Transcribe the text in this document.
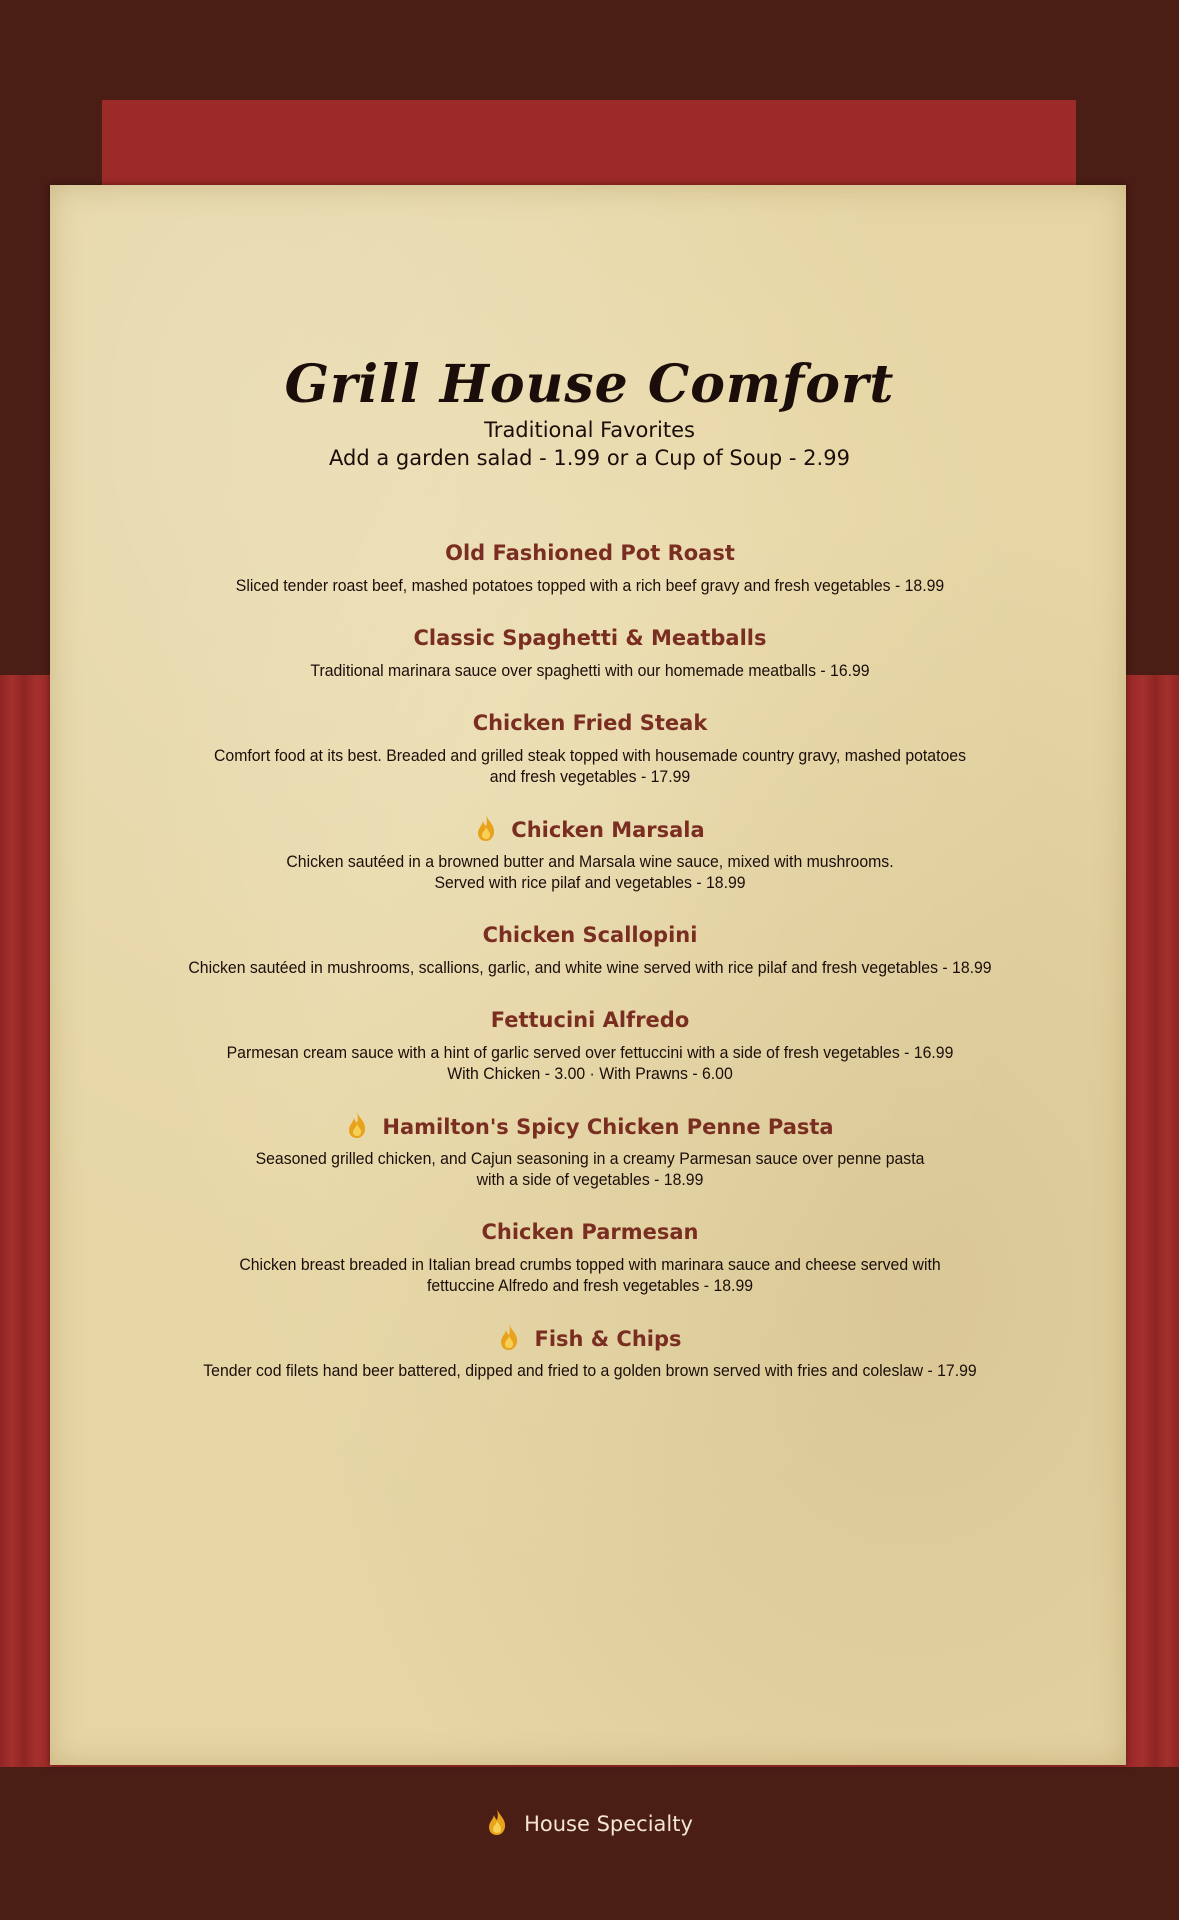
Grill House Comfort
Traditional Favorites
Add a garden salad - 1.99 or a Cup of Soup - 2.99
Old Fashioned Pot Roast
Sliced tender roast beef, mashed potatoes topped with a rich beef gravy and fresh vegetables - 18.99
Classic Spaghetti & Meatballs
Traditional marinara sauce over spaghetti with our homemade meatballs - 16.99
Chicken Fried Steak
Comfort food at its best. Breaded and grilled steak topped with housemade country gravy, mashed potatoes
and fresh vegetables - 17.99
Chicken Marsala
Chicken sautéed in a browned butter and Marsala wine sauce, mixed with mushrooms.
Served with rice pilaf and vegetables - 18.99
Chicken Scallopini
Chicken sautéed in mushrooms, scallions, garlic, and white wine served with rice pilaf and fresh vegetables - 18.99
Fettucini Alfredo
Parmesan cream sauce with a hint of garlic served over fettuccini with a side of fresh vegetables - 16.99
With Chicken - 3.00 · With Prawns - 6.00
Hamilton's Spicy Chicken Penne Pasta
Seasoned grilled chicken, and Cajun seasoning in a creamy Parmesan sauce over penne pasta
with a side of vegetables - 18.99
Chicken Parmesan
Chicken breast breaded in Italian bread crumbs topped with marinara sauce and cheese served with
fettuccine Alfredo and fresh vegetables - 18.99
Fish & Chips
Tender cod filets hand beer battered, dipped and fried to a golden brown served with fries and coleslaw - 17.99
House Specialty
